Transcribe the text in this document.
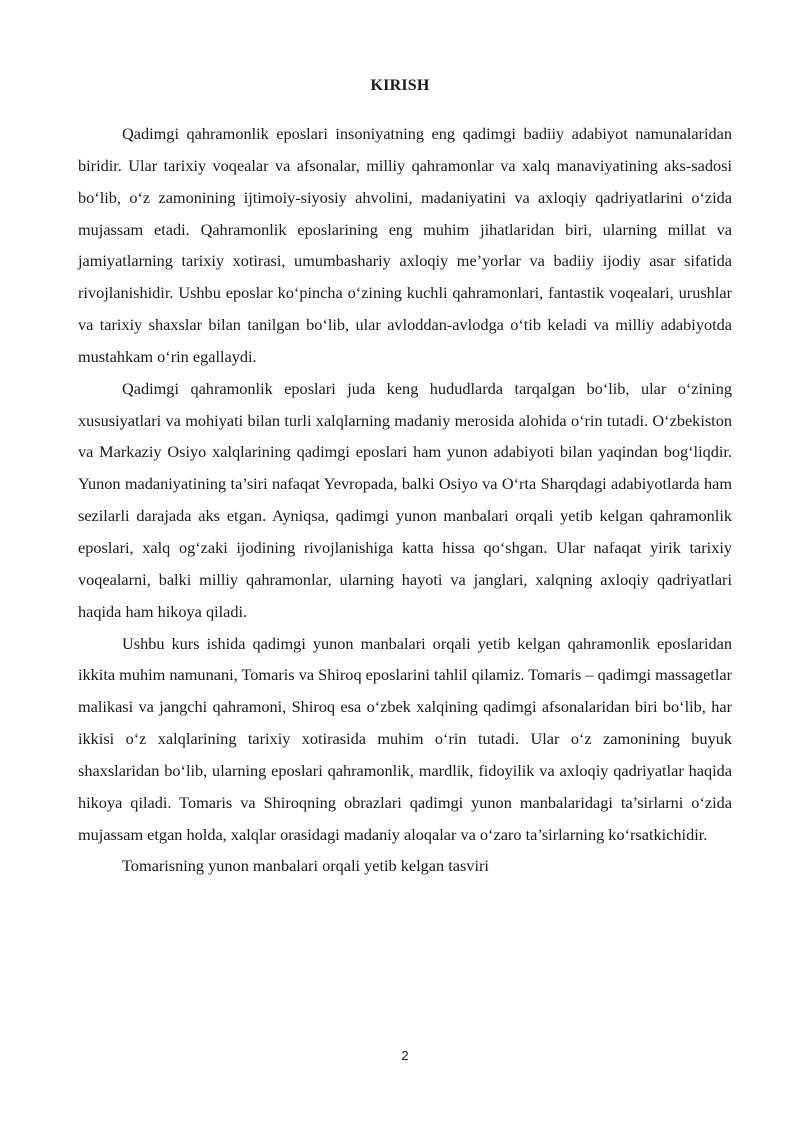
KIRISH

Qadimgi qahramonlik eposlari insoniyatning eng qadimgi badiiy adabiyot namunalaridan biridir. Ular tarixiy voqealar va afsonalar, milliy qahramonlar va xalq manaviyatining aks-sadosi bo‘lib, o‘z zamonining ijtimoiy-siyosiy ahvolini, madaniyatini va axloqiy qadriyatlarini o‘zida mujassam etadi. Qahramonlik eposlarining eng muhim jihatlaridan biri, ularning millat va jamiyatlarning tarixiy xotirasi, umumbashariy axloqiy me’yorlar va badiiy ijodiy asar sifatida rivojlanishidir. Ushbu eposlar ko‘pincha o‘zining kuchli qahramonlari, fantastik voqealari, urushlar va tarixiy shaxslar bilan tanilgan bo‘lib, ular avloddan-avlodga o‘tib keladi va milliy adabiyotda mustahkam o‘rin egallaydi.

Qadimgi qahramonlik eposlari juda keng hududlarda tarqalgan bo‘lib, ular o‘zining xususiyatlari va mohiyati bilan turli xalqlarning madaniy merosida alohida o‘rin tutadi. O‘zbekiston va Markaziy Osiyo xalqlarining qadimgi eposlari ham yunon adabiyoti bilan yaqindan bog‘liqdir. Yunon madaniyatining ta’siri nafaqat Yevropada, balki Osiyo va O‘rta Sharqdagi adabiyotlarda ham sezilarli darajada aks etgan. Ayniqsa, qadimgi yunon manbalari orqali yetib kelgan qahramonlik eposlari, xalq og‘zaki ijodining rivojlanishiga katta hissa qo‘shgan. Ular nafaqat yirik tarixiy voqealarni, balki milliy qahramonlar, ularning hayoti va janglari, xalqning axloqiy qadriyatlari haqida ham hikoya qiladi.

Ushbu kurs ishida qadimgi yunon manbalari orqali yetib kelgan qahramonlik eposlaridan ikkita muhim namunani, Tomaris va Shiroq eposlarini tahlil qilamiz. Tomaris – qadimgi massagetlar malikasi va jangchi qahramoni, Shiroq esa o‘zbek xalqining qadimgi afsonalaridan biri bo‘lib, har ikkisi o‘z xalqlarining tarixiy xotirasida muhim o‘rin tutadi. Ular o‘z zamonining buyuk shaxslaridan bo‘lib, ularning eposlari qahramonlik, mardlik, fidoyilik va axloqiy qadriyatlar haqida hikoya qiladi. Tomaris va Shiroqning obrazlari qadimgi yunon manbalaridagi ta’sirlarni o‘zida mujassam etgan holda, xalqlar orasidagi madaniy aloqalar va o‘zaro ta’sirlarning ko‘rsatkichidir.

Tomarisning yunon manbalari orqali yetib kelgan tasviri

2
